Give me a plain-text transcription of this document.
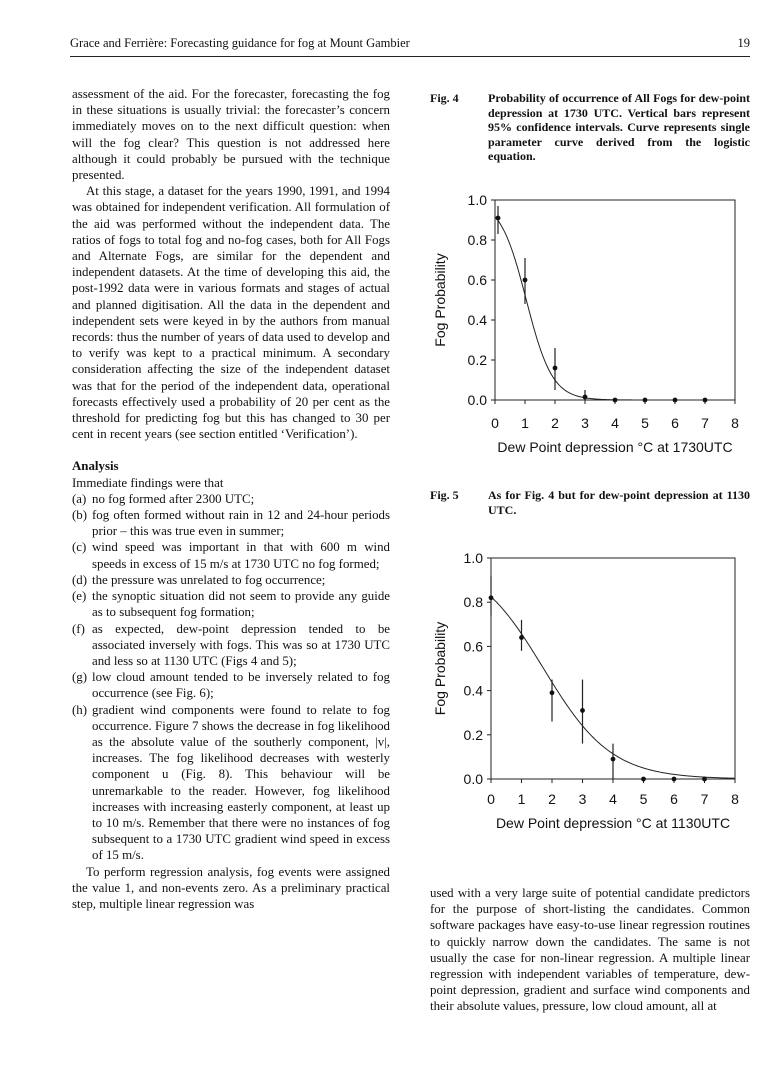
Grace and Ferrière: Forecasting guidance for fog at Mount Gambier	19

assessment of the aid. For the forecaster, forecasting the fog in these situations is usually trivial: the forecaster’s concern immediately moves on to the next difficult question: when will the fog clear? This question is not addressed here although it could probably be pursued with the technique presented.

At this stage, a dataset for the years 1990, 1991, and 1994 was obtained for independent verification. All formulation of the aid was performed without the independent data. The ratios of fogs to total fog and no-fog cases, both for All Fogs and Alternate Fogs, are similar for the dependent and independent datasets. At the time of developing this aid, the post-1992 data were in various formats and stages of actual and planned digitisation. All the data in the dependent and independent sets were keyed in by the authors from manual records: thus the number of years of data used to develop and to verify was kept to a practical minimum. A secondary consideration affecting the size of the independent dataset was that for the period of the independent data, operational forecasts effectively used a probability of 20 per cent as the threshold for predicting fog but this has changed to 30 per cent in recent years (see section entitled ‘Verification’).

Analysis

Immediate findings were that

(a) no fog formed after 2300 UTC;
(b) fog often formed without rain in 12 and 24-hour periods prior – this was true even in summer;
(c) wind speed was important in that with 600 m wind speeds in excess of 15 m/s at 1730 UTC no fog formed;
(d) the pressure was unrelated to fog occurrence;
(e) the synoptic situation did not seem to provide any guide as to subsequent fog formation;
(f) as expected, dew-point depression tended to be associated inversely with fogs. This was so at 1730 UTC and less so at 1130 UTC (Figs 4 and 5);
(g) low cloud amount tended to be inversely related to fog occurrence (see Fig. 6);
(h) gradient wind components were found to relate to fog occurrence. Figure 7 shows the decrease in fog likelihood as the absolute value of the southerly component, |v|, increases. The fog likelihood decreases with westerly component u (Fig. 8). This behaviour will be unremarkable to the reader. However, fog likelihood increases with increasing easterly component, at least up to 10 m/s. Remember that there were no instances of fog subsequent to a 1730 UTC gradient wind speed in excess of 15 m/s.

To perform regression analysis, fog events were assigned the value 1, and non-events zero. As a preliminary practical step, multiple linear regression was

Fig. 4	Probability of occurrence of All Fogs for dew-point depression at 1730 UTC. Vertical bars represent 95% confidence intervals. Curve represents single parameter curve derived from the logistic equation.
0.0
0.2
0.4
0.6
0.8
1.0
0 1 2 3 4 5 6 7 8
Dew Point depression °C at 1730UTC
Fog Probability
Fig. 5	As for Fig. 4 but for dew-point depression at 1130 UTC.
0.0
0.2
0.4
0.6
0.8
1.0
0 1 2 3 4 5 6 7 8
Dew Point depression °C at 1130UTC
Fog Probability

used with a very large suite of potential candidate predictors for the purpose of short-listing the candidates. Common software packages have easy-to-use linear regression routines to quickly narrow down the candidates. The same is not usually the case for non-linear regression. A multiple linear regression with independent variables of temperature, dew-point depression, gradient and surface wind components and their absolute values, pressure, low cloud amount, all at
